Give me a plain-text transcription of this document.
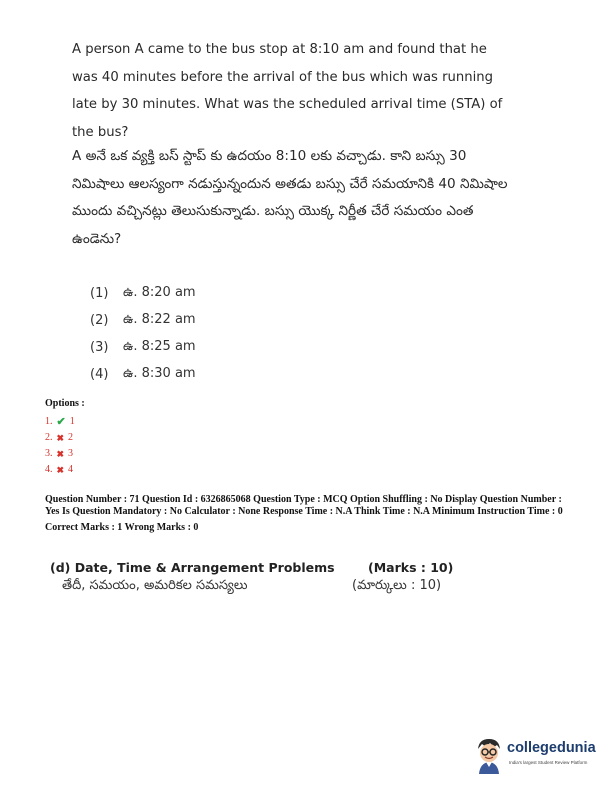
A person A came to the bus stop at 8:10 am and found that he was 40 minutes before the arrival of the bus which was running late by 30 minutes. What was the scheduled arrival time (STA) of the bus?
A అనే ఒక వ్యక్తి బస్ స్టాప్ కు ఉదయం 8:10 లకు వచ్చాడు. కాని బస్సు 30 నిమిషాలు ఆలస్యంగా నడుస్తున్నందున అతడు బస్సు చేరే సమయానికి 40 నిమిషాల ముందు వచ్చినట్లు తెలుసుకున్నాడు. బస్సు యొక్క నిర్ణీత చేరే సమయం ఎంత ఉండెను?
(1)	ఉ. 8:20 am
(2)	ఉ. 8:22 am
(3)	ఉ. 8:25 am
(4)	ఉ. 8:30 am
Options :
1. ✔ 1
2. ✖ 2
3. ✖ 3
4. ✖ 4
Question Number : 71 Question Id : 6326865068 Question Type : MCQ Option Shuffling : No Display Question Number : Yes Is Question Mandatory : No Calculator : None Response Time : N.A Think Time : N.A Minimum Instruction Time : 0
Correct Marks : 1 Wrong Marks : 0
(d) Date, Time & Arrangement Problems	(Marks : 10)
తేదీ, సమయం, అమరికల సమస్యలు	(మార్కులు : 10)
collegedunia
India's largest Student Review Platform
